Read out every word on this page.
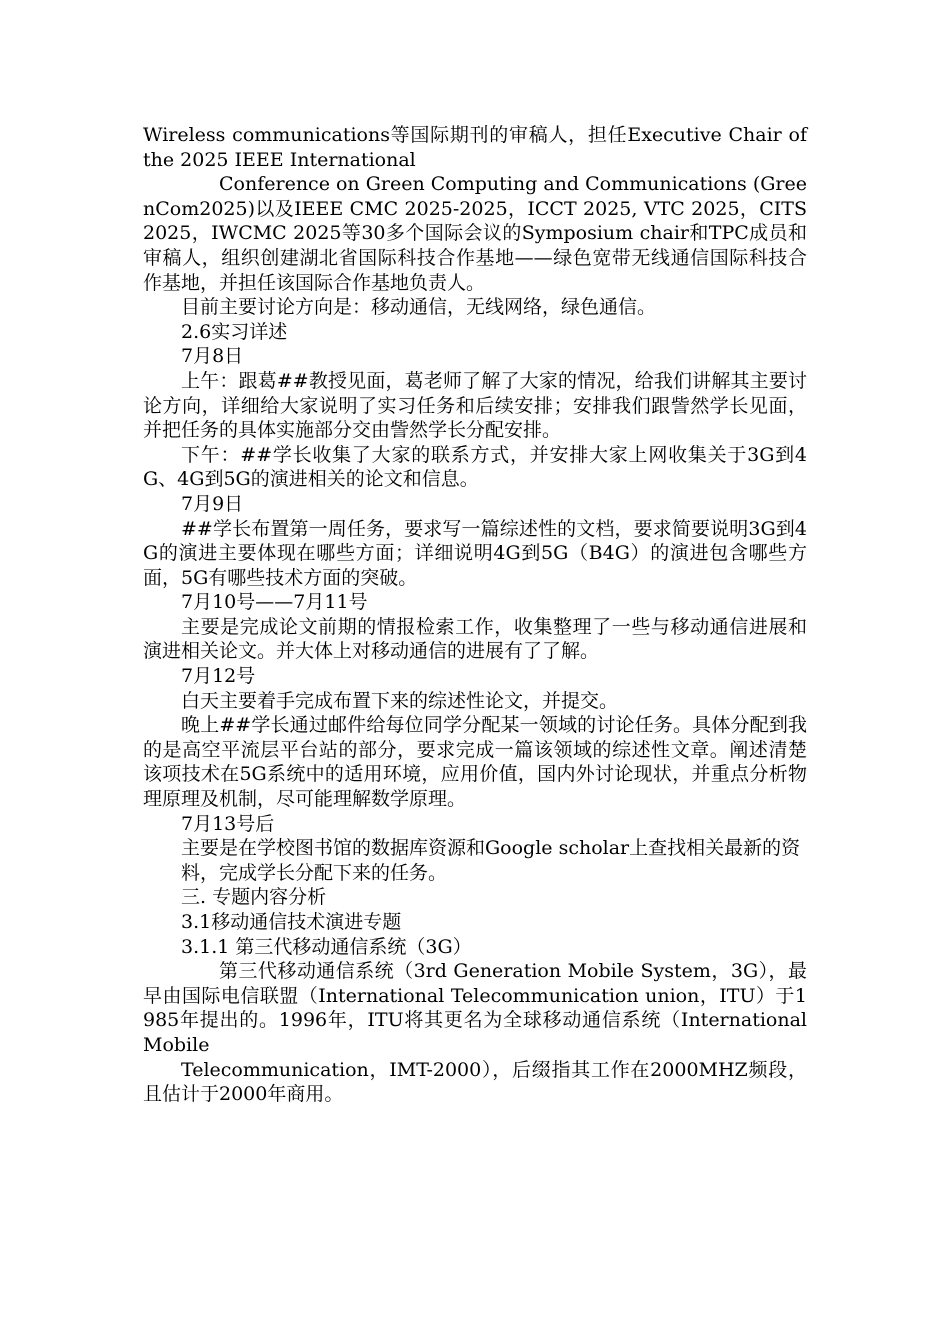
Wireless communications等国际期刊的审稿人，担任Executive Chair of the 2025 IEEE International

Conference on Green Computing and Communications (GreenCom2025)以及IEEE CMC 2025-2025，ICCT 2025, VTC 2025，CITS 2025，IWCMC 2025等30多个国际会议的Symposium chair和TPC成员和审稿人，组织创建湖北省国际科技合作基地——绿色宽带无线通信国际科技合作基地，并担任该国际合作基地负责人。

目前主要讨论方向是：移动通信，无线网络，绿色通信。

2.6实习详述

7月8日

上午：跟葛##教授见面，葛老师了解了大家的情况，给我们讲解其主要讨论方向，详细给大家说明了实习任务和后续安排；安排我们跟訾然学长见面，并把任务的具体实施部分交由訾然学长分配安排。

下午：##学长收集了大家的联系方式，并安排大家上网收集关于3G到4G、4G到5G的演进相关的论文和信息。

7月9日

##学长布置第一周任务，要求写一篇综述性的文档，要求简要说明3G到4G的演进主要体现在哪些方面；详细说明4G到5G（B4G）的演进包含哪些方面，5G有哪些技术方面的突破。

7月10号——7月11号

主要是完成论文前期的情报检索工作，收集整理了一些与移动通信进展和演进相关论文。并大体上对移动通信的进展有了了解。

7月12号

白天主要着手完成布置下来的综述性论文，并提交。

晚上##学长通过邮件给每位同学分配某一领域的讨论任务。具体分配到我的是高空平流层平台站的部分，要求完成一篇该领域的综述性文章。阐述清楚该项技术在5G系统中的适用环境，应用价值，国内外讨论现状，并重点分析物理原理及机制，尽可能理解数学原理。

7月13号后

主要是在学校图书馆的数据库资源和Google scholar上查找相关最新的资

料，完成学长分配下来的任务。

三. 专题内容分析

3.1移动通信技术演进专题

3.1.1 第三代移动通信系统（3G）

第三代移动通信系统（3rd Generation Mobile System，3G），最早由国际电信联盟（International Telecommunication union，ITU）于1985年提出的。1996年，ITU将其更名为全球移动通信系统（International Mobile

Telecommunication，IMT-2000），后缀指其工作在2000MHZ频段，且估计于2000年商用。
